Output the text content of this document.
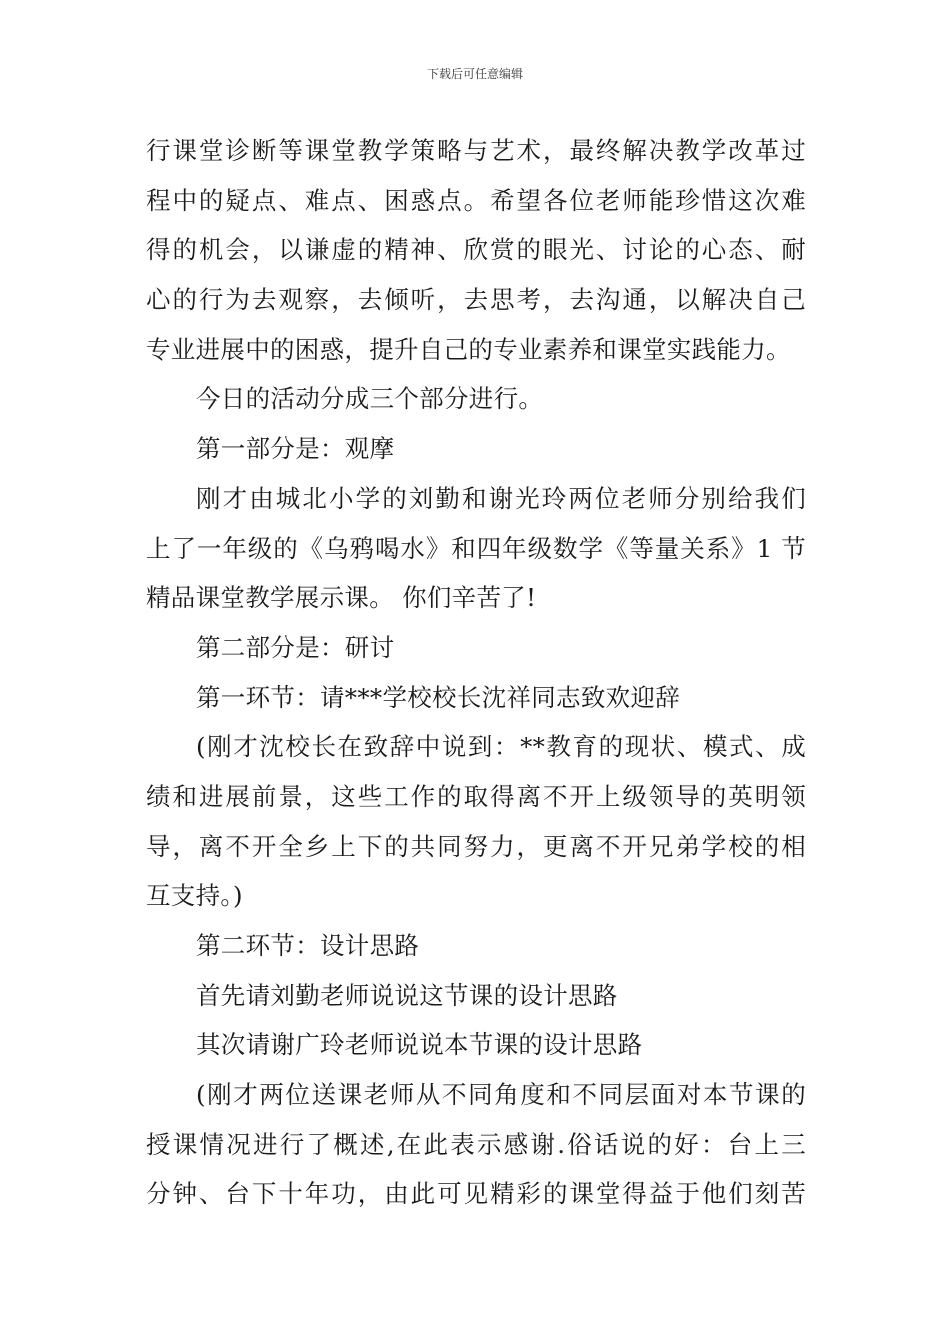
下载后可任意编辑
行课堂诊断等课堂教学策略与艺术，最终解决教学改革过
程中的疑点、难点、困惑点。希望各位老师能珍惜这次难
得的机会，以谦虚的精神、欣赏的眼光、讨论的心态、耐
心的行为去观察，去倾听，去思考，去沟通，以解决自己
专业进展中的困惑，提升自己的专业素养和课堂实践能力。
今日的活动分成三个部分进行。
第一部分是：观摩
刚才由城北小学的刘勤和谢光玲两位老师分别给我们
上了一年级的《乌鸦喝水》和四年级数学《等量关系》1 节
精品课堂教学展示课。 你们辛苦了!
第二部分是：研讨
第一环节：请***学校校长沈祥同志致欢迎辞
(刚才沈校长在致辞中说到：**教育的现状、模式、成
绩和进展前景，这些工作的取得离不开上级领导的英明领
导，离不开全乡上下的共同努力，更离不开兄弟学校的相
互支持。)
第二环节：设计思路
首先请刘勤老师说说这节课的设计思路
其次请谢广玲老师说说本节课的设计思路
(刚才两位送课老师从不同角度和不同层面对本节课的
授课情况进行了概述,在此表示感谢.俗话说的好：台上三
分钟、台下十年功，由此可见精彩的课堂得益于他们刻苦
